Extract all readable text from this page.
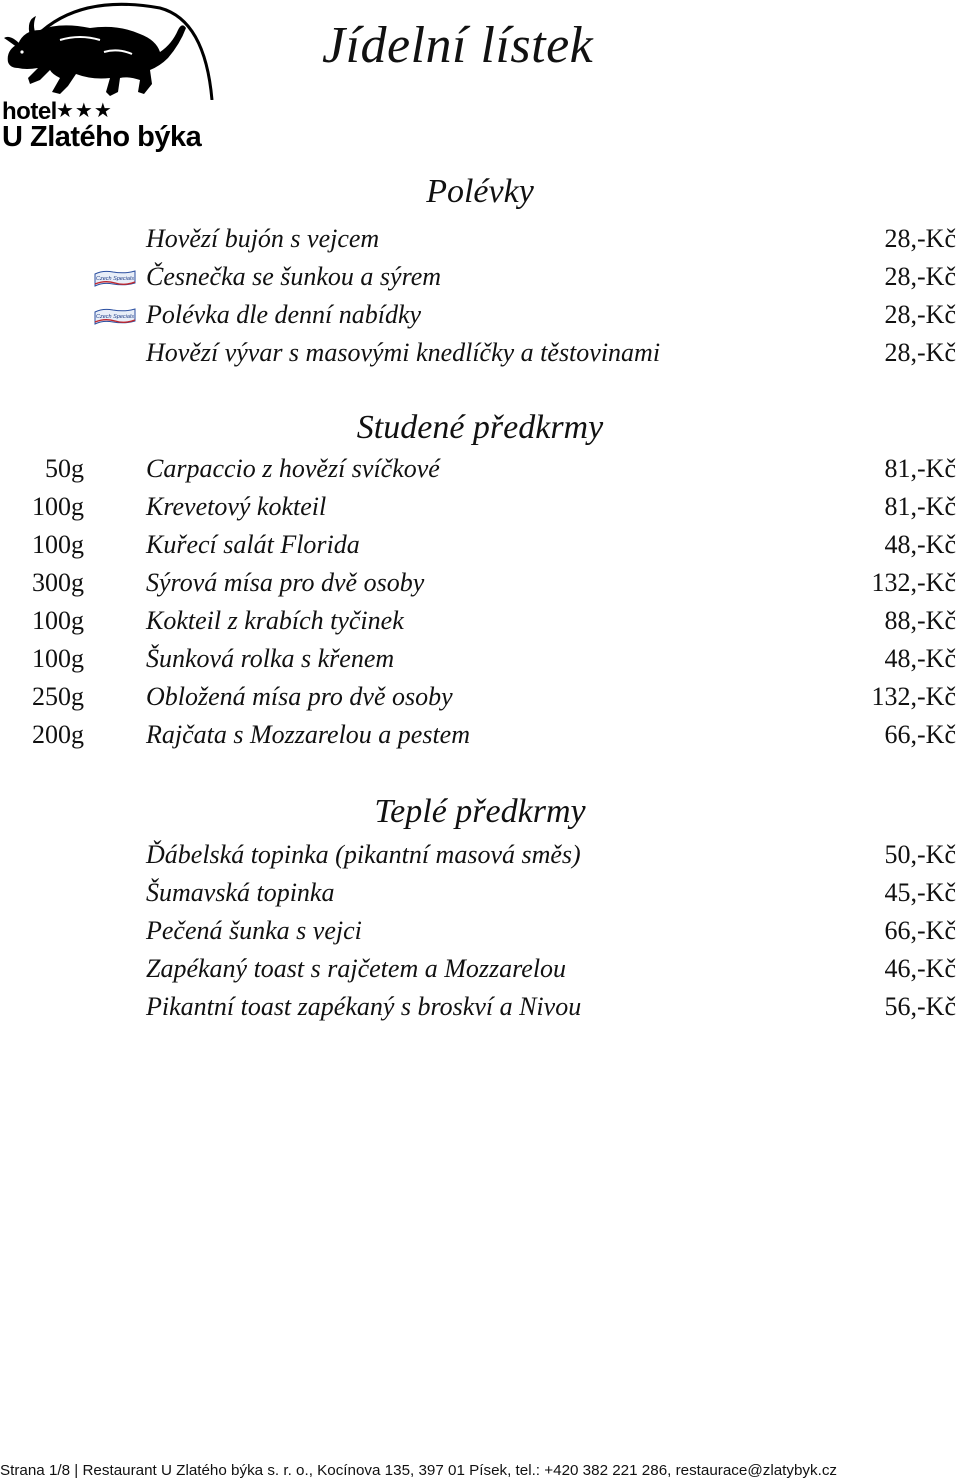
hotel ★★★
U Zlatého býka
Jídelní lístek
Polévky
Hovězí bujón s vejcem	28,-Kč
Czech Specials Česnečka se šunkou a sýrem	28,-Kč
Czech Specials Polévka dle denní nabídky	28,-Kč
Hovězí vývar s masovými knedlíčky a těstovinami	28,-Kč
Studené předkrmy
50g Carpaccio z hovězí svíčkové	81,-Kč
100g Krevetový kokteil	81,-Kč
100g Kuřecí salát Florida	48,-Kč
300g Sýrová mísa pro dvě osoby	132,-Kč
100g Kokteil z krabích tyčinek	88,-Kč
100g Šunková rolka s křenem	48,-Kč
250g Obložená mísa pro dvě osoby	132,-Kč
200g Rajčata s Mozzarelou a pestem	66,-Kč
Teplé předkrmy
Ďábelská topinka (pikantní masová směs)	50,-Kč
Šumavská topinka	45,-Kč
Pečená šunka s vejci	66,-Kč
Zapékaný toast s rajčetem a Mozzarelou	46,-Kč
Pikantní toast zapékaný s broskví a Nivou	56,-Kč
Strana 1/8 | Restaurant U Zlatého býka s. r. o., Kocínova 135, 397 01 Písek, tel.: +420 382 221 286, restaurace@zlatybyk.cz
